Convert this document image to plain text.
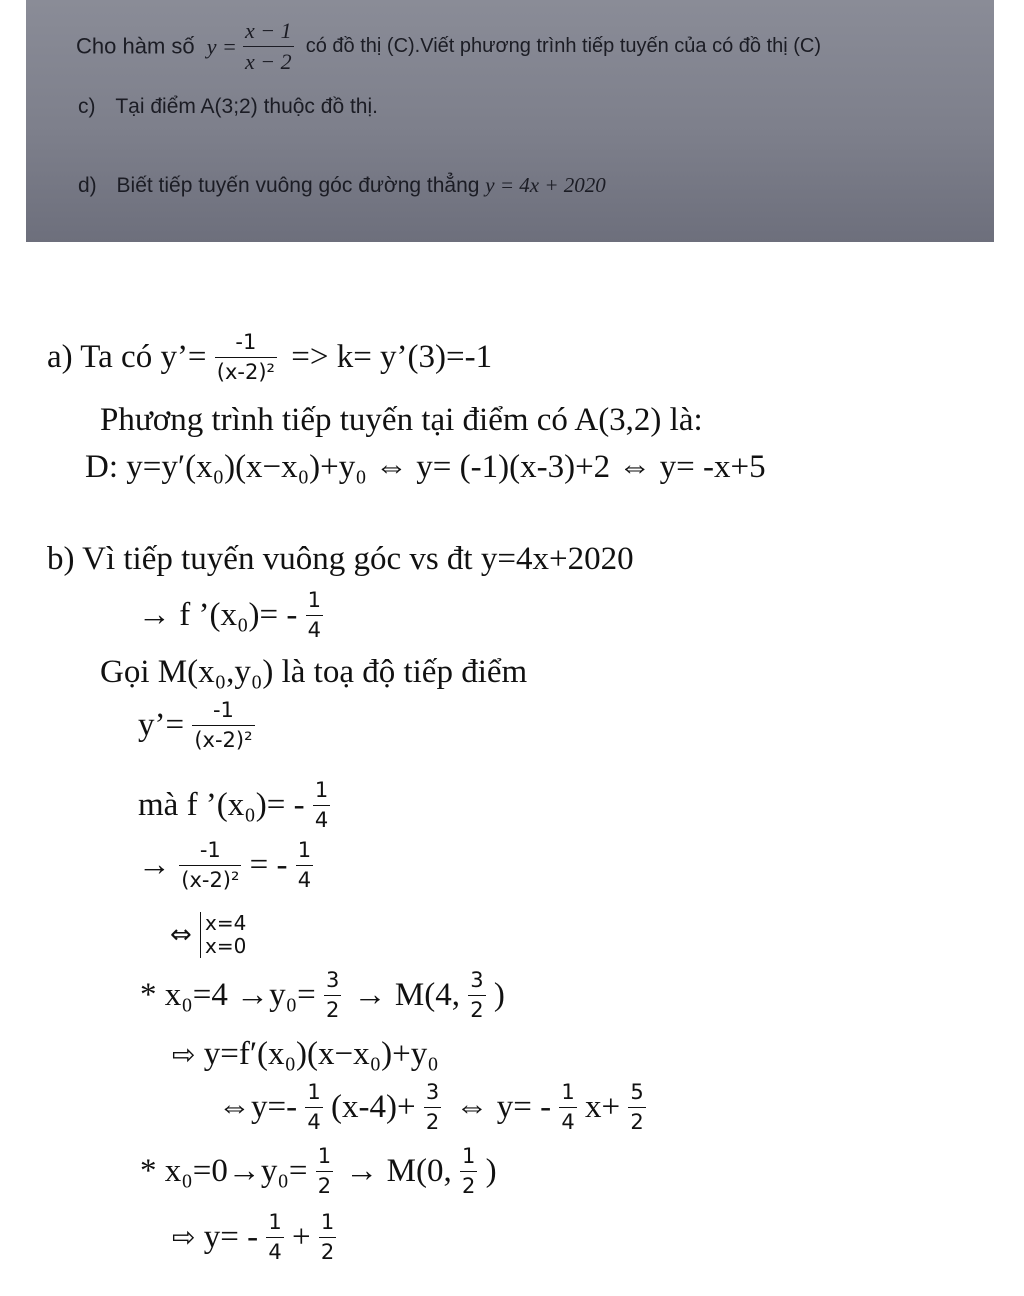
Cho hàm số $y = \frac{x - 1}{x - 2}$ có đồ thị (C).Viết phương trình tiếp tuyến của có đồ thị (C)
c) Tại điểm A(3;2) thuộc đồ thị.
d) Biết tiếp tuyến vuông góc đường thẳng y = 4x + 2020
a) Ta có y’= $\frac{-1}{\text{(x-2)²}} => k=$ y’(3)=-1
Phương trình tiếp tuyến tại điểm có A(3,2) là:
D: y=y′(x₀)(x−x₀)+y₀ ⇔ y= (-1)(x-3)+2 ⇔ y= -x+5
b) Vì tiếp tuyến vuông góc vs đt y=4x+2020
→ f ’(x₀)= - $\frac{1}{4}$
Gọi M(x₀,y₀) là toạ độ tiếp điểm
y’= $\frac{-1}{\text{(x-2)²}}$
mà f ’(x₀)= - $\frac{1}{4}$
→ $\frac{-1}{\text{(x-2)²}}$ = - $\frac{1}{4}$
⇔ x=4
x=0
* $x_0=4 \to y_0= \frac{3}{2} \to M(4$, $\frac{3}{2}$ )
⇨ y=f′(x₀)(x−x₀)+y₀
⇔y=- $\frac{1}{4} (x-4)+ \frac{3}{2}$ ⇔ $y= - \frac{1}{4} x+ \frac{5}{2}$
* $x_0=0\to y_0= \frac{1}{2} \to M(0$, $\frac{1}{2}$ )
⇨ $y= - \frac{1}{4} + \frac{1}{2}$
